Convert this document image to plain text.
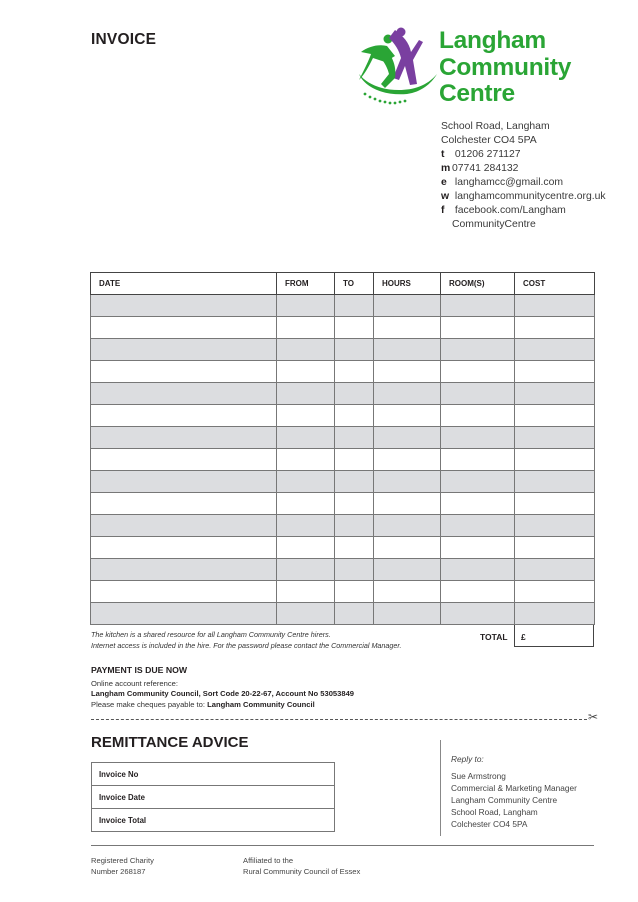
INVOICE	Langham
Community
Centre
School Road, Langham
Colchester CO4 5PA
t 01206 271127
m 07741 284132
e langhamcc@gmail.com
w langhamcommunitycentre.org.uk
f facebook.com/Langham
CommunityCentre
DATE	FROM	TO	HOURS	ROOM(S)	COST

The kitchen is a shared resource for all Langham Community Centre hirers.
Internet access is included in the hire. For the password please contact the Commercial Manager.
TOTAL £
PAYMENT IS DUE NOW
Online account reference:
Langham Community Council, Sort Code 20-22-67, Account No 53053849
Please make cheques payable to: Langham Community Council
✂
REMITTANCE ADVICE
Invoice No
Invoice Date
Invoice Total
Reply to:
Sue Armstrong
Commercial & Marketing Manager
Langham Community Centre
School Road, Langham
Colchester CO4 5PA
Registered Charity
Number 268187
Affiliated to the
Rural Community Council of Essex
